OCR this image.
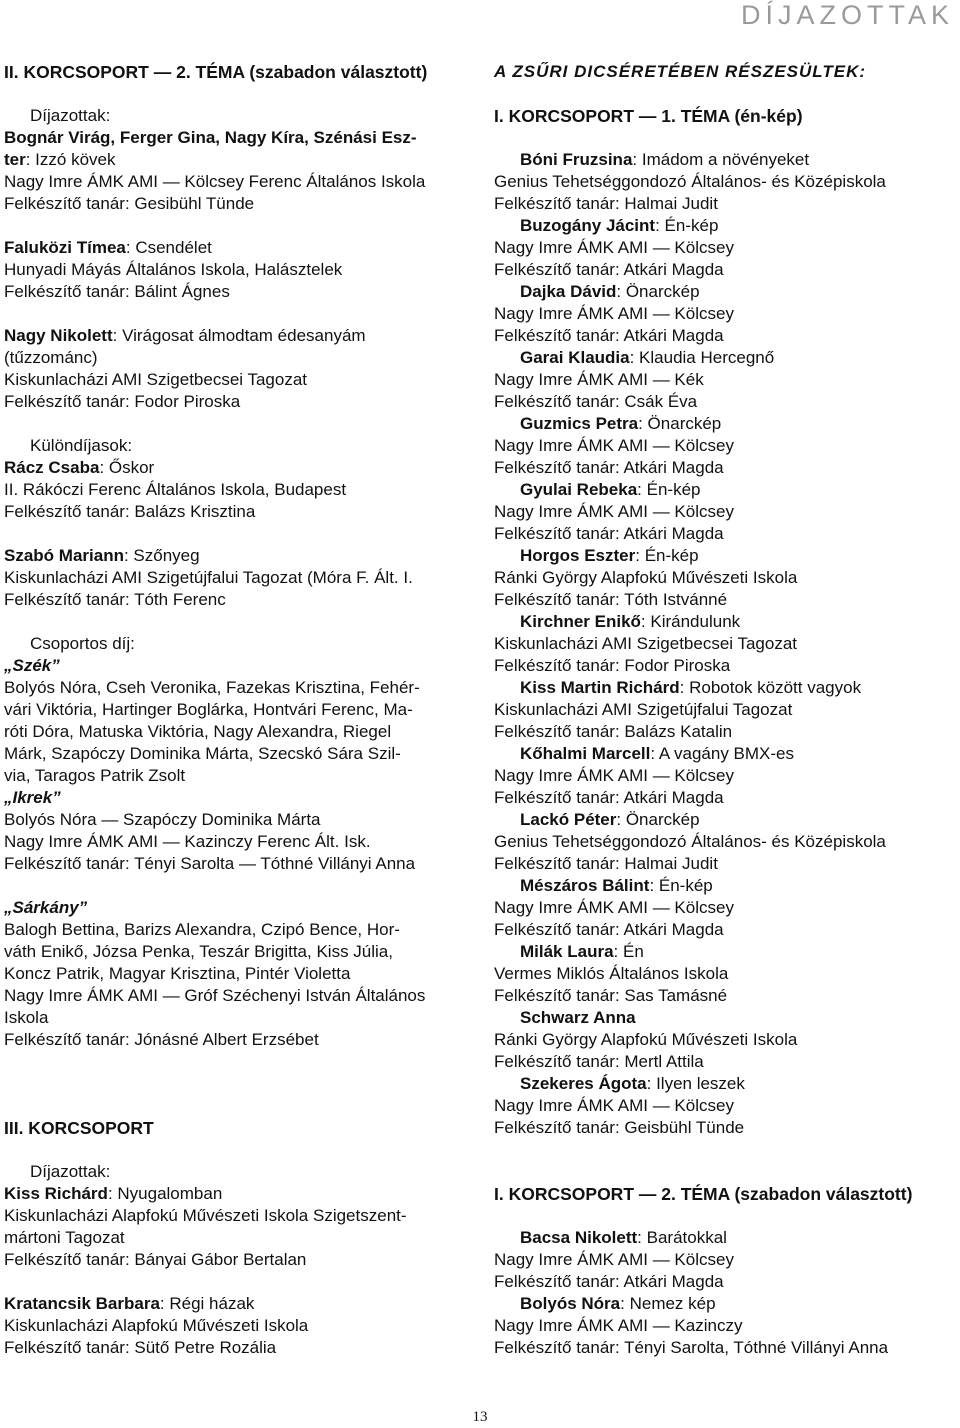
DÍJAZOTTAK
II. KORCSOPORT — 2. TÉMA (szabadon választott)
Díjazottak:
Bognár Virág, Ferger Gina, Nagy Kíra, Szénási Esz-
ter: Izzó kövek
Nagy Imre ÁMK AMI — Kölcsey Ferenc Általános Iskola
Felkészítő tanár: Gesibühl Tünde
Faluközi Tímea: Csendélet
Hunyadi Máyás Általános Iskola, Halásztelek
Felkészítő tanár: Bálint Ágnes
Nagy Nikolett: Virágosat álmodtam édesanyám
(tűzzománc)
Kiskunlacházi AMI Szigetbecsei Tagozat
Felkészítő tanár: Fodor Piroska
Különdíjasok:
Rácz Csaba: Őskor
II. Rákóczi Ferenc Általános Iskola, Budapest
Felkészítő tanár: Balázs Krisztina
Szabó Mariann: Szőnyeg
Kiskunlacházi AMI Szigetújfalui Tagozat (Móra F. Ált. I.
Felkészítő tanár: Tóth Ferenc
Csoportos díj:
„Szék”
Bolyós Nóra, Cseh Veronika, Fazekas Krisztina, Fehér-
vári Viktória, Hartinger Boglárka, Hontvári Ferenc, Ma-
róti Dóra, Matuska Viktória, Nagy Alexandra, Riegel
Márk, Szapóczy Dominika Márta, Szecskó Sára Szil-
via, Taragos Patrik Zsolt
„Ikrek”
Bolyós Nóra — Szapóczy Dominika Márta
Nagy Imre ÁMK AMI — Kazinczy Ferenc Ált. Isk.
Felkészítő tanár: Tényi Sarolta — Tóthné Villányi Anna
„Sárkány”
Balogh Bettina, Barizs Alexandra, Czipó Bence, Hor-
váth Enikő, Józsa Penka, Teszár Brigitta, Kiss Júlia,
Koncz Patrik, Magyar Krisztina, Pintér Violetta
Nagy Imre ÁMK AMI — Gróf Széchenyi István Általános
Iskola
Felkészítő tanár: Jónásné Albert Erzsébet
III. KORCSOPORT
Díjazottak:
Kiss Richárd: Nyugalomban
Kiskunlacházi Alapfokú Művészeti Iskola Szigetszent-
mártoni Tagozat
Felkészítő tanár: Bányai Gábor Bertalan
Kratancsik Barbara: Régi házak
Kiskunlacházi Alapfokú Művészeti Iskola
Felkészítő tanár: Sütő Petre Rozália
A ZSŰRI DICSÉRETÉBEN RÉSZESÜLTEK:
I. KORCSOPORT — 1. TÉMA (én-kép)
Bóni Fruzsina: Imádom a növényeket
Genius Tehetséggondozó Általános- és Középiskola
Felkészítő tanár: Halmai Judit
Buzogány Jácint: Én-kép
Nagy Imre ÁMK AMI — Kölcsey
Felkészítő tanár: Atkári Magda
Dajka Dávid: Önarckép
Nagy Imre ÁMK AMI — Kölcsey
Felkészítő tanár: Atkári Magda
Garai Klaudia: Klaudia Hercegnő
Nagy Imre ÁMK AMI — Kék
Felkészítő tanár: Csák Éva
Guzmics Petra: Önarckép
Nagy Imre ÁMK AMI — Kölcsey
Felkészítő tanár: Atkári Magda
Gyulai Rebeka: Én-kép
Nagy Imre ÁMK AMI — Kölcsey
Felkészítő tanár: Atkári Magda
Horgos Eszter: Én-kép
Ránki György Alapfokú Művészeti Iskola
Felkészítő tanár: Tóth Istvánné
Kirchner Enikő: Kirándulunk
Kiskunlacházi AMI Szigetbecsei Tagozat
Felkészítő tanár: Fodor Piroska
Kiss Martin Richárd: Robotok között vagyok
Kiskunlacházi AMI Szigetújfalui Tagozat
Felkészítő tanár: Balázs Katalin
Kőhalmi Marcell: A vagány BMX-es
Nagy Imre ÁMK AMI — Kölcsey
Felkészítő tanár: Atkári Magda
Lackó Péter: Önarckép
Genius Tehetséggondozó Általános- és Középiskola
Felkészítő tanár: Halmai Judit
Mészáros Bálint: Én-kép
Nagy Imre ÁMK AMI — Kölcsey
Felkészítő tanár: Atkári Magda
Milák Laura: Én
Vermes Miklós Általános Iskola
Felkészítő tanár: Sas Tamásné
Schwarz Anna
Ránki György Alapfokú Művészeti Iskola
Felkészítő tanár: Mertl Attila
Szekeres Ágota: Ilyen leszek
Nagy Imre ÁMK AMI — Kölcsey
Felkészítő tanár: Geisbühl Tünde
I. KORCSOPORT — 2. TÉMA (szabadon választott)
Bacsa Nikolett: Barátokkal
Nagy Imre ÁMK AMI — Kölcsey
Felkészítő tanár: Atkári Magda
Bolyós Nóra: Nemez kép
Nagy Imre ÁMK AMI — Kazinczy
Felkészítő tanár: Tényi Sarolta, Tóthné Villányi Anna
13
